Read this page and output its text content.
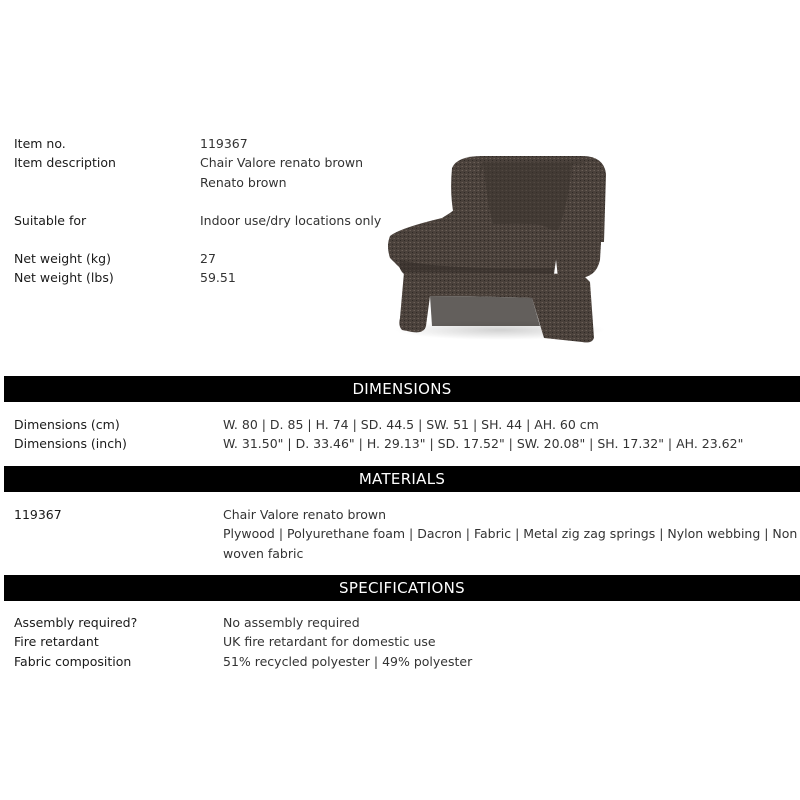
Item no.	119367
Item description	Chair Valore renato brown
Renato brown
Suitable for	Indoor use/dry locations only
Net weight (kg)	27
Net weight (lbs)	59.51
DIMENSIONS
Dimensions (cm)	W. 80 | D. 85 | H. 74 | SD. 44.5 | SW. 51 | SH. 44 | AH. 60 cm
Dimensions (inch)	W. 31.50" | D. 33.46" | H. 29.13" | SD. 17.52" | SW. 20.08" | SH. 17.32" | AH. 23.62"
MATERIALS
119367	Chair Valore renato brown
Plywood | Polyurethane foam | Dacron | Fabric | Metal zig zag springs | Nylon webbing | Non woven fabric
SPECIFICATIONS
Assembly required?	No assembly required
Fire retardant	UK fire retardant for domestic use
Fabric composition	51% recycled polyester | 49% polyester
